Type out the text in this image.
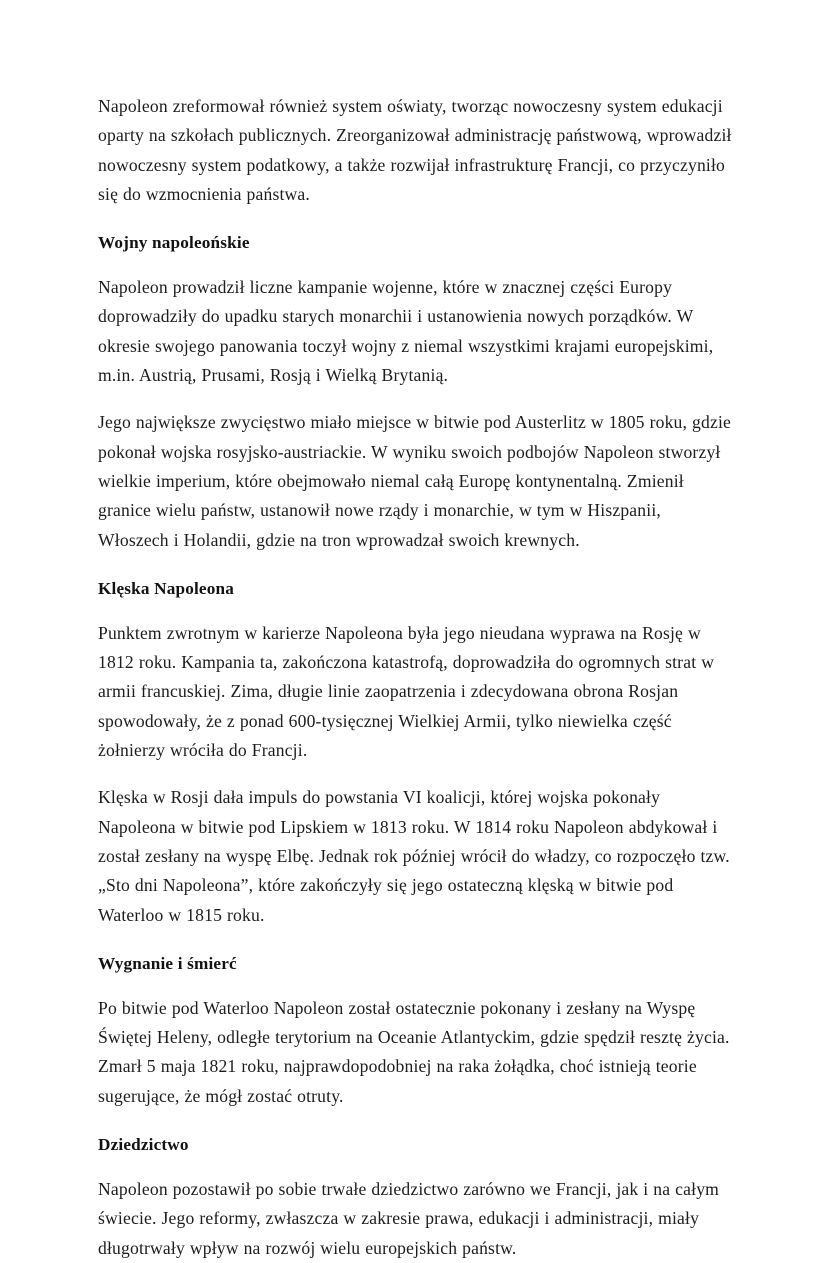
Napoleon zreformował również system oświaty, tworząc nowoczesny system edukacji oparty na szkołach publicznych. Zreorganizował administrację państwową, wprowadził nowoczesny system podatkowy, a także rozwijał infrastrukturę Francji, co przyczyniło się do wzmocnienia państwa.

Wojny napoleońskie

Napoleon prowadził liczne kampanie wojenne, które w znacznej części Europy doprowadziły do upadku starych monarchii i ustanowienia nowych porządków. W okresie swojego panowania toczył wojny z niemal wszystkimi krajami europejskimi, m.in. Austrią, Prusami, Rosją i Wielką Brytanią.

Jego największe zwycięstwo miało miejsce w bitwie pod Austerlitz w 1805 roku, gdzie pokonał wojska rosyjsko-austriackie. W wyniku swoich podbojów Napoleon stworzył wielkie imperium, które obejmowało niemal całą Europę kontynentalną. Zmienił granice wielu państw, ustanowił nowe rządy i monarchie, w tym w Hiszpanii, Włoszech i Holandii, gdzie na tron wprowadzał swoich krewnych.

Klęska Napoleona

Punktem zwrotnym w karierze Napoleona była jego nieudana wyprawa na Rosję w 1812 roku. Kampania ta, zakończona katastrofą, doprowadziła do ogromnych strat w armii francuskiej. Zima, długie linie zaopatrzenia i zdecydowana obrona Rosjan spowodowały, że z ponad 600-tysięcznej Wielkiej Armii, tylko niewielka część żołnierzy wróciła do Francji.

Klęska w Rosji dała impuls do powstania VI koalicji, której wojska pokonały Napoleona w bitwie pod Lipskiem w 1813 roku. W 1814 roku Napoleon abdykował i został zesłany na wyspę Elbę. Jednak rok później wrócił do władzy, co rozpoczęło tzw. „Sto dni Napoleona”, które zakończyły się jego ostateczną klęską w bitwie pod Waterloo w 1815 roku.

Wygnanie i śmierć

Po bitwie pod Waterloo Napoleon został ostatecznie pokonany i zesłany na Wyspę Świętej Heleny, odległe terytorium na Oceanie Atlantyckim, gdzie spędził resztę życia. Zmarł 5 maja 1821 roku, najprawdopodobniej na raka żołądka, choć istnieją teorie sugerujące, że mógł zostać otruty.

Dziedzictwo

Napoleon pozostawił po sobie trwałe dziedzictwo zarówno we Francji, jak i na całym świecie. Jego reformy, zwłaszcza w zakresie prawa, edukacji i administracji, miały długotrwały wpływ na rozwój wielu europejskich państw.
